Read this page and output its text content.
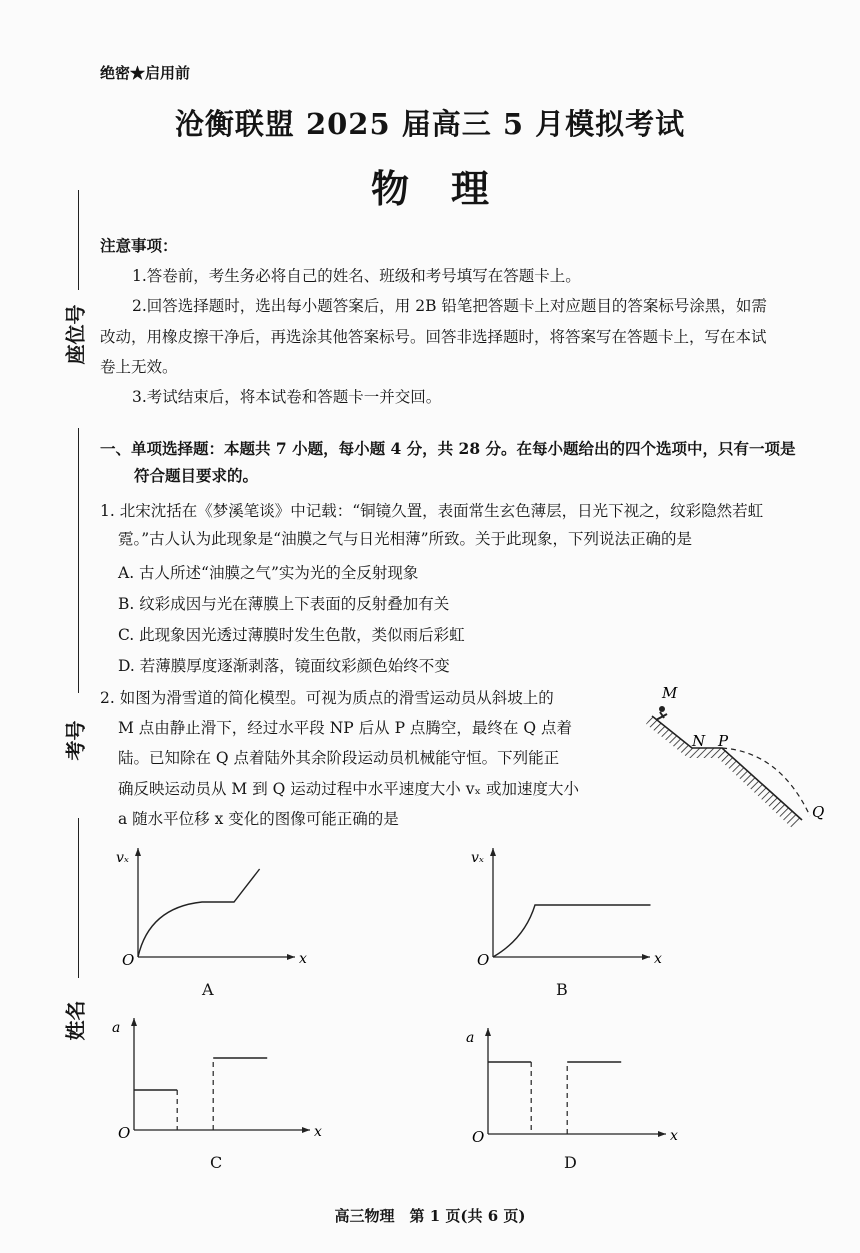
绝密★启用前
沧衡联盟 2025 届高三 5 月模拟考试
物理
座位号
考号
姓名
注意事项：
1.答卷前，考生务必将自己的姓名、班级和考号填写在答题卡上。
2.回答选择题时，选出每小题答案后，用 2B 铅笔把答题卡上对应题目的答案标号涂黑，如需
改动，用橡皮擦干净后，再选涂其他答案标号。回答非选择题时，将答案写在答题卡上，写在本试
卷上无效。
3.考试结束后，将本试卷和答题卡一并交回。
一、单项选择题：本题共 7 小题，每小题 4 分，共 28 分。在每小题给出的四个选项中，只有一项是
符合题目要求的。
1. 北宋沈括在《梦溪笔谈》中记载：“铜镜久置，表面常生玄色薄层，日光下视之，纹彩隐然若虹
霓。”古人认为此现象是“油膜之气与日光相薄”所致。关于此现象，下列说法正确的是
A. 古人所述“油膜之气”实为光的全反射现象
B. 纹彩成因与光在薄膜上下表面的反射叠加有关
C. 此现象因光透过薄膜时发生色散，类似雨后彩虹
D. 若薄膜厚度逐渐剥落，镜面纹彩颜色始终不变
2. 如图为滑雪道的简化模型。可视为质点的滑雪运动员从斜坡上的
M 点由静止滑下，经过水平段 NP 后从 P 点腾空，最终在 Q 点着
陆。已知除在 Q 点着陆外其余阶段运动员机械能守恒。下列能正
确反映运动员从 M 到 Q 运动过程中水平速度大小 vₓ 或加速度大小
a 随水平位移 x 变化的图像可能正确的是
M
N P
Q
O	x
vₓ
A
O	x
vₓ
B
O	x
a
C
O	x
a
D
高三物理　第 1 页(共 6 页)
